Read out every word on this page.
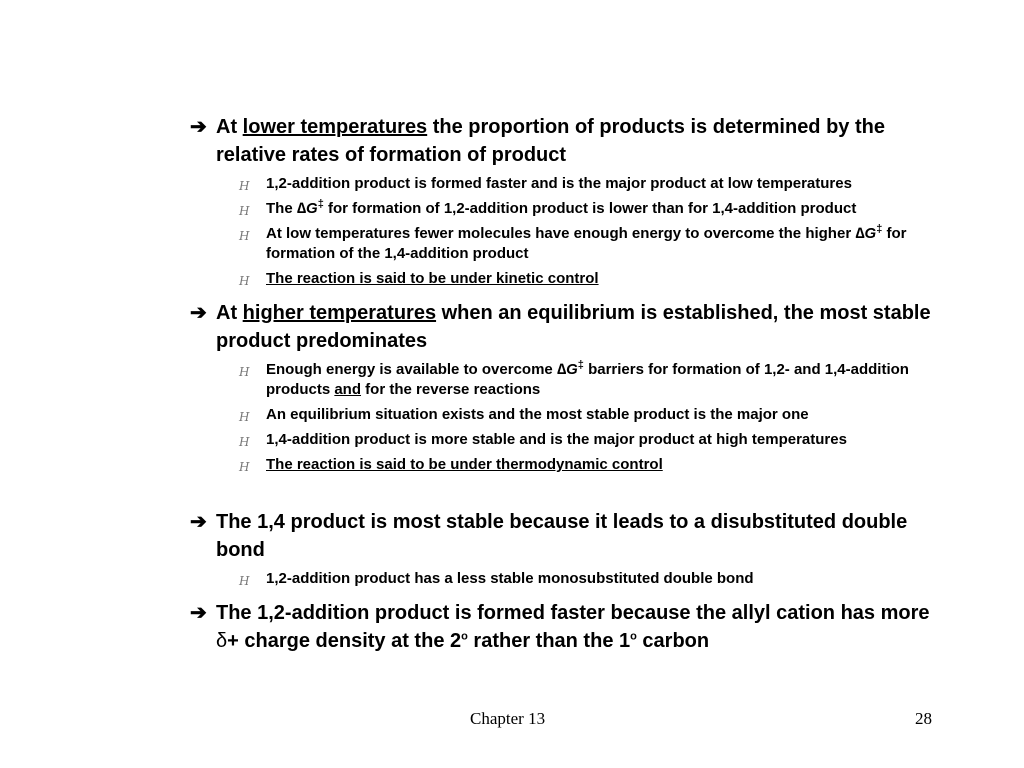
➔ At lower temperatures the proportion of products is determined by the relative rates of formation of product
H 1,2-addition product is formed faster and is the major product at low temperatures
H The ∆G‡ for formation of 1,2-addition product is lower than for 1,4-addition product
H At low temperatures fewer molecules have enough energy to overcome the higher ∆G‡ for formation of the 1,4-addition product
H The reaction is said to be under kinetic control
➔ At higher temperatures when an equilibrium is established, the most stable product predominates
H Enough energy is available to overcome ∆G‡ barriers for formation of 1,2- and 1,4-addition products and for the reverse reactions
H An equilibrium situation exists and the most stable product is the major one
H 1,4-addition product is more stable and is the major product at high temperatures
H The reaction is said to be under thermodynamic control
➔ The 1,4 product is most stable because it leads to a disubstituted double bond
H 1,2-addition product has a less stable monosubstituted double bond
➔ The 1,2-addition product is formed faster because the allyl cation has more δ+ charge density at the 2$^o$ rather than the 1$^o$ carbon
Chapter 13	28
